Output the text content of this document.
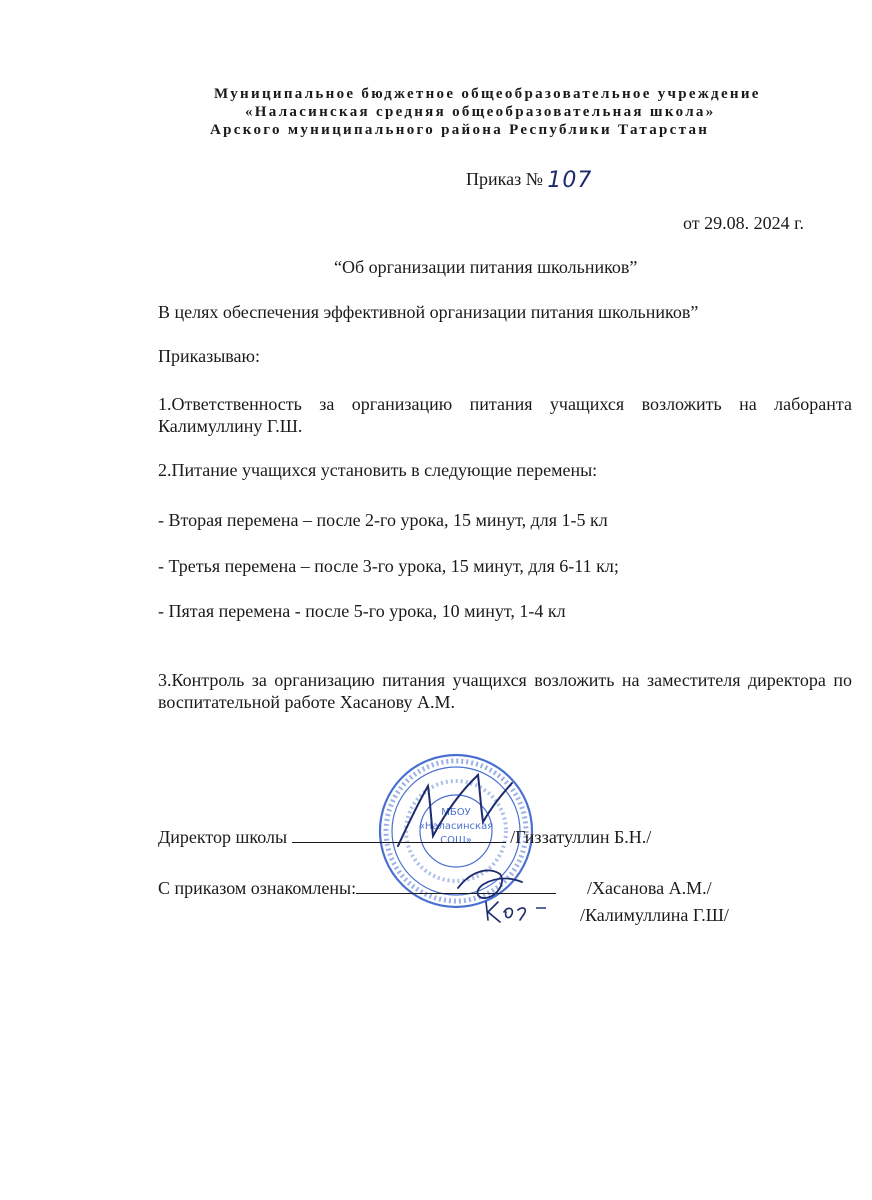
Муниципальное бюджетное общеобразовательное учреждение
«Наласинская средняя общеобразовательная школа»
Арского муниципального района Республики Татарстан
Приказ № 107
от 29.08. 2024 г.
“Об организации питания школьников”
В целях обеспечения эффективной организации питания школьников”
Приказываю:
1.Ответственность за организацию питания учащихся возложить на лаборанта Калимуллину Г.Ш.
2.Питание учащихся установить в следующие перемены:
- Вторая перемена – после 2-го урока, 15 минут, для 1-5 кл
- Третья перемена – после 3-го урока, 15 минут, для 6-11 кл;
- Пятая перемена - после 5-го урока, 10 минут, 1-4 кл
3.Контроль за организацию питания учащихся возложить на заместителя директора по воспитательной работе Хасанову А.М.
МБОУ
«Наласинская
СОШ»
Директор школы	/Гиззатуллин Б.Н./
С приказом ознакомлены:	/Хасанова А.М./
/Калимуллина Г.Ш/
